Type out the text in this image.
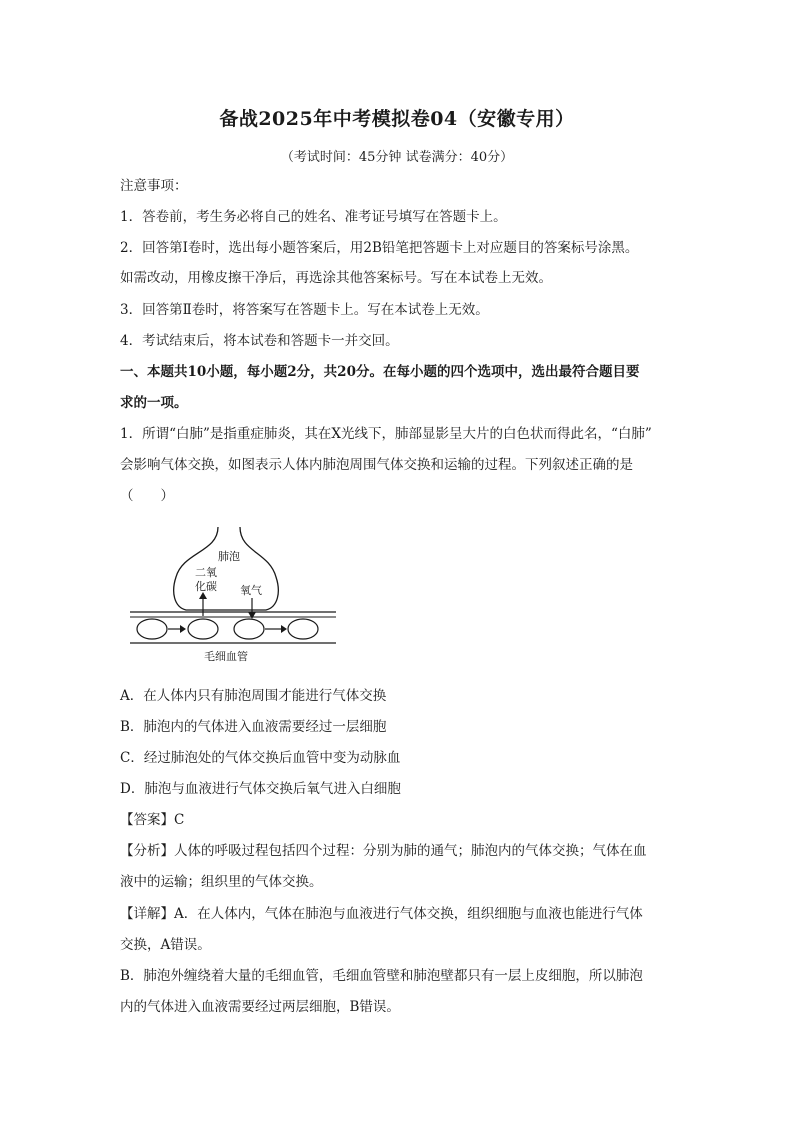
备战2025年中考模拟卷04（安徽专用）
（考试时间：45分钟 试卷满分：40分）
注意事项：
1．答卷前，考生务必将自己的姓名、准考证号填写在答题卡上。
2．回答第Ⅰ卷时，选出每小题答案后，用2B铅笔把答题卡上对应题目的答案标号涂黑。
如需改动，用橡皮擦干净后，再选涂其他答案标号。写在本试卷上无效。
3．回答第Ⅱ卷时，将答案写在答题卡上。写在本试卷上无效。
4．考试结束后，将本试卷和答题卡一并交回。
一、本题共10小题，每小题2分，共20分。在每小题的四个选项中，选出最符合题目要
求的一项。
1．所谓“白肺”是指重症肺炎，其在X光线下，肺部显影呈大片的白色状而得此名，“白肺”
会影响气体交换，如图表示人体内肺泡周围气体交换和运输的过程。下列叙述正确的是
（　　）
肺泡
二氧
化碳 氧气
毛细血管
A．在人体内只有肺泡周围才能进行气体交换
B．肺泡内的气体进入血液需要经过一层细胞
C．经过肺泡处的气体交换后血管中变为动脉血
D．肺泡与血液进行气体交换后氧气进入白细胞
【答案】C
【分析】人体的呼吸过程包括四个过程：分别为肺的通气；肺泡内的气体交换；气体在血
液中的运输；组织里的气体交换。
【详解】A．在人体内，气体在肺泡与血液进行气体交换，组织细胞与血液也能进行气体
交换，A错误。
B．肺泡外缠绕着大量的毛细血管，毛细血管壁和肺泡壁都只有一层上皮细胞，所以肺泡
内的气体进入血液需要经过两层细胞，B错误。
